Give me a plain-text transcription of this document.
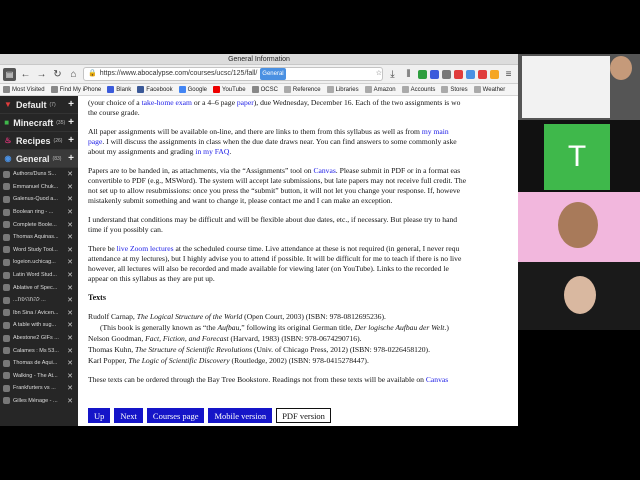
General Information
▤ ← → ↻ ⌂	🔒 https://www.abocalypse.com/courses/ucsc/125/fall/ General	☆ ⤓	⫴	≡
Most Visited	Find My iPhone	Blank	Facebook	Google	YouTube	OCSC	Reference	Libraries	Amazon	Accounts	Stores	Weather
▼ Default (7) +
■ Minecraft (35) +
♨ Recipes (26) +
◉ General (83) +
Authors/Duns S...	✕
Emmanuel Chuk...	✕
Galenus-Quod a...	✕
Boolean ring - ...	✕
Complete Boole...	✕
Thomas Aquinas...	✕
Word Study Tool...	✕
logeion.uchicag...	✕
Latin Word Stud...	✕
Ablative of Spec...	✕
...להתהיפת ...	✕
Ibn Sina / Avicen...	✕
A table with sug...	✕
Abestone2 GIFs ...	✕
Calames : Ms 53...	✕
Thomas de Aqui...	✕
Walking - The At...	✕
Frankfurters vs ...	✕
Gilles Ménage - ...	✕

(your choice of a take-home exam or a 4–6 page paper), due Wednesday, December 16. Each of the two assignments is wo
the course grade.

All paper assignments will be available on-line, and there are links to them from this syllabus as well as from my main
page. I will discuss the assignments in class when the due date draws near. You can find answers to some commonly aske
about my assignments and grading in my FAQ.

Papers are to be handed in, as attachments, via the “Assignments” tool on Canvas. Please submit in PDF or in a format eas
convertible to PDF (e.g., MSWord). The system will accept late submissions, but late papers may not receive full credit. The
not set up to allow resubmissions: once you press the “submit” button, it will not let you change your response. If, howeve
mistakenly submit something and want to change it, please contact me and I can make an exception.

I understand that conditions may be difficult and will be flexible about due dates, etc., if necessary. But please try to hand
time if you possibly can.

There be live Zoom lectures at the scheduled course time. Live attendance at these is not required (in general, I never requ
attendance at my lectures), but I highly advise you to attend if possible. It will be difficult for me to teach if there is no live
however, all lectures will also be recorded and made available for viewing later (on YouTube). Links to the recorded le
appear on this syllabus as they are put up.

Texts

Rudolf Carnap, The Logical Structure of the World (Open Court, 2003) (ISBN: 978-0812695236).

(This book is generally known as “the Aufbau,” following its original German title, Der logische Aufbau der Welt.)

Nelson Goodman, Fact, Fiction, and Forecast (Harvard, 1983) (ISBN: 978-0674290716).

Thomas Kuhn, The Structure of Scientific Revolutions (Univ. of Chicago Press, 2012) (ISBN: 978-0226458120).

Karl Popper, The Logic of Scientific Discovery (Routledge, 2002) (ISBN: 978-0415278447).

These texts can be ordered through the Bay Tree Bookstore. Readings not from these texts will be available on Canvas

Up	Next	Courses page	Mobile version	PDF version
T
